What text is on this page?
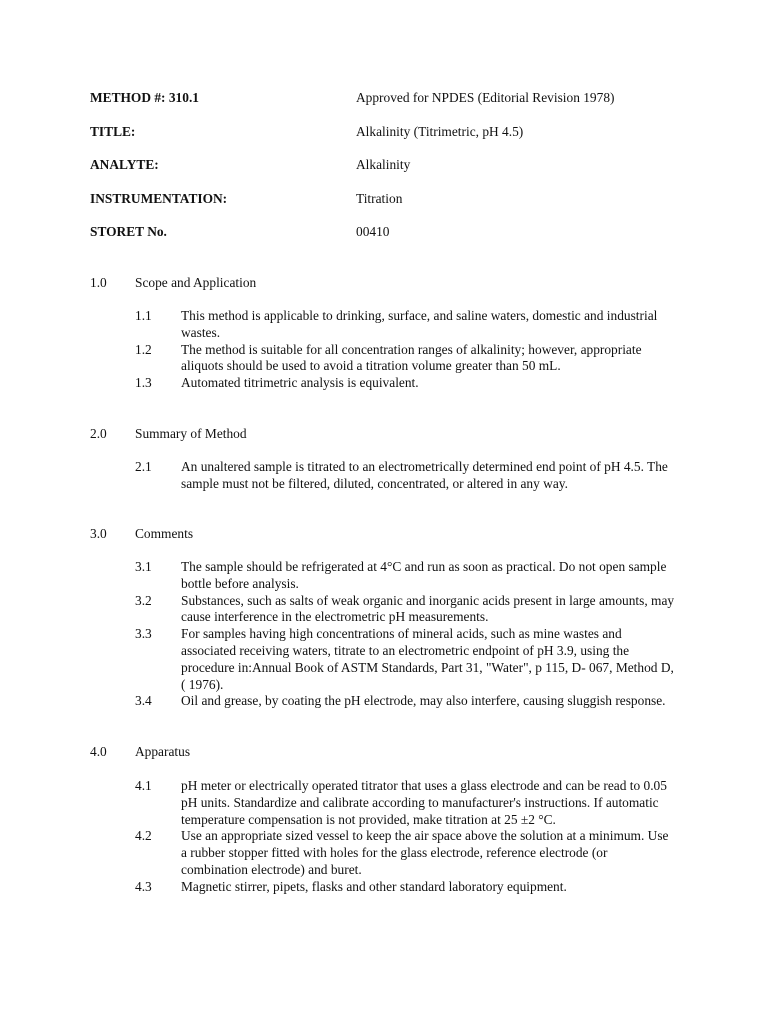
METHOD #: 310.1	Approved for NPDES (Editorial Revision 1978)
TITLE:	Alkalinity (Titrimetric, pH 4.5)
ANALYTE:	Alkalinity
INSTRUMENTATION:	Titration
STORET No.	00410
1.0 Scope and Application
1.1 This method is applicable to drinking, surface, and saline waters, domestic and industrial wastes.
1.2 The method is suitable for all concentration ranges of alkalinity; however, appropriate aliquots should be used to avoid a titration volume greater than 50 mL.
1.3 Automated titrimetric analysis is equivalent.
2.0 Summary of Method
2.1 An unaltered sample is titrated to an electrometrically determined end point of pH 4.5. The sample must not be filtered, diluted, concentrated, or altered in any way.
3.0 Comments
3.1 The sample should be refrigerated at 4°C and run as soon as practical. Do not open sample bottle before analysis.
3.2 Substances, such as salts of weak organic and inorganic acids present in large amounts, may cause interference in the electrometric pH measurements.
3.3 For samples having high concentrations of mineral acids, such as mine wastes and associated receiving waters, titrate to an electrometric endpoint of pH 3.9, using the procedure in:Annual Book of ASTM Standards, Part 31, "Water", p 115, D- 067, Method D, ( 1976).
3.4 Oil and grease, by coating the pH electrode, may also interfere, causing sluggish response.
4.0 Apparatus
4.1 pH meter or electrically operated titrator that uses a glass electrode and can be read to 0.05 pH units. Standardize and calibrate according to manufacturer's instructions. If automatic temperature compensation is not provided, make titration at 25 ±2 °C.
4.2 Use an appropriate sized vessel to keep the air space above the solution at a minimum. Use a rubber stopper fitted with holes for the glass electrode, reference electrode (or combination electrode) and buret.
4.3 Magnetic stirrer, pipets, flasks and other standard laboratory equipment.
